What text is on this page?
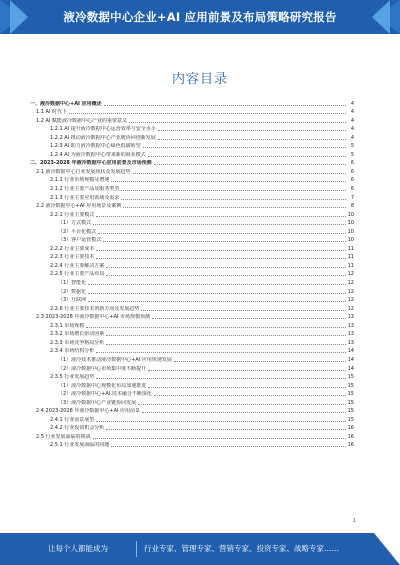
液冷数据中心企业+AI 应用前景及布局策略研究报告
内容目录
一、液冷数据中心+AI 应用概述	4
1.1 AI 时代下	4
1.2 AI 赋能液冷数据中心产业的重要意义	4
1.2.1 AI 提升液冷数据中心运营效率与安全水平	4
1.2.2 AI 推动液冷数据中心产业链协同创新发展	4
1.2.3 AI 助力液冷数据中心绿色低碳转型	5
1.2.4 AI 为液冷数据中心带来新的商业模式	5
二、2023-2028 年液冷数据中心应用前景及市场预测	6
2.1 液冷数据中心行业发展现状及发展趋势	6
2.1.1 行业市场规模及增速	6
2.1.2 行业主要产品及服务类型	6
2.1.3 行业主要应用领域及需求	7
2.2 液冷数据中心+AI 应用场景及案例	8
2.2.1 行业主要模式	10
（1）方式模式	10
（2）平台化模式	10
（3）客户运营模式	10
2.2.2 行业主要成本	11
2.2.3 行业主要技术	11
2.2.4 行业主要解决方案	11
2.2.5 行业主要产品布局	12
（1）智能化	12
（2）数据化	12
（3）互联网	12
2.2.6 行业主要技术创新方向及发展趋势	12
2.3 2023-2028 年液冷数据中心+AI 市场规模预测	13
2.3.1 市场规模	13
2.3.2 市场增长驱动因素	13
2.3.3 市场竞争格局分析	13
2.3.4 市场结构分析	14
（1）液冷技术推动液冷数据中心+AI 应用快速发展	14
（2）液冷数据中心市场集中度不断提升	14
2.3.5 行业发展趋势	15
（1）液冷数据中心规模化布局加速推进	15
（2）液冷数据中心+AI 技术融合不断深化	15
（3）液冷数据中心产业链协同发展	15
2.4 2023-2028 年液冷数据中心+AI 应用前景	15
2.4.1 行业前景展望	15
2.4.2 行业投资机会分析	16
2.5 行业发展面临的挑战	16
2.5.1 行业发展面临的问题	16
1
让每个人都能成为	行业专家、管理专家、营销专家、投资专家、战略专家……
